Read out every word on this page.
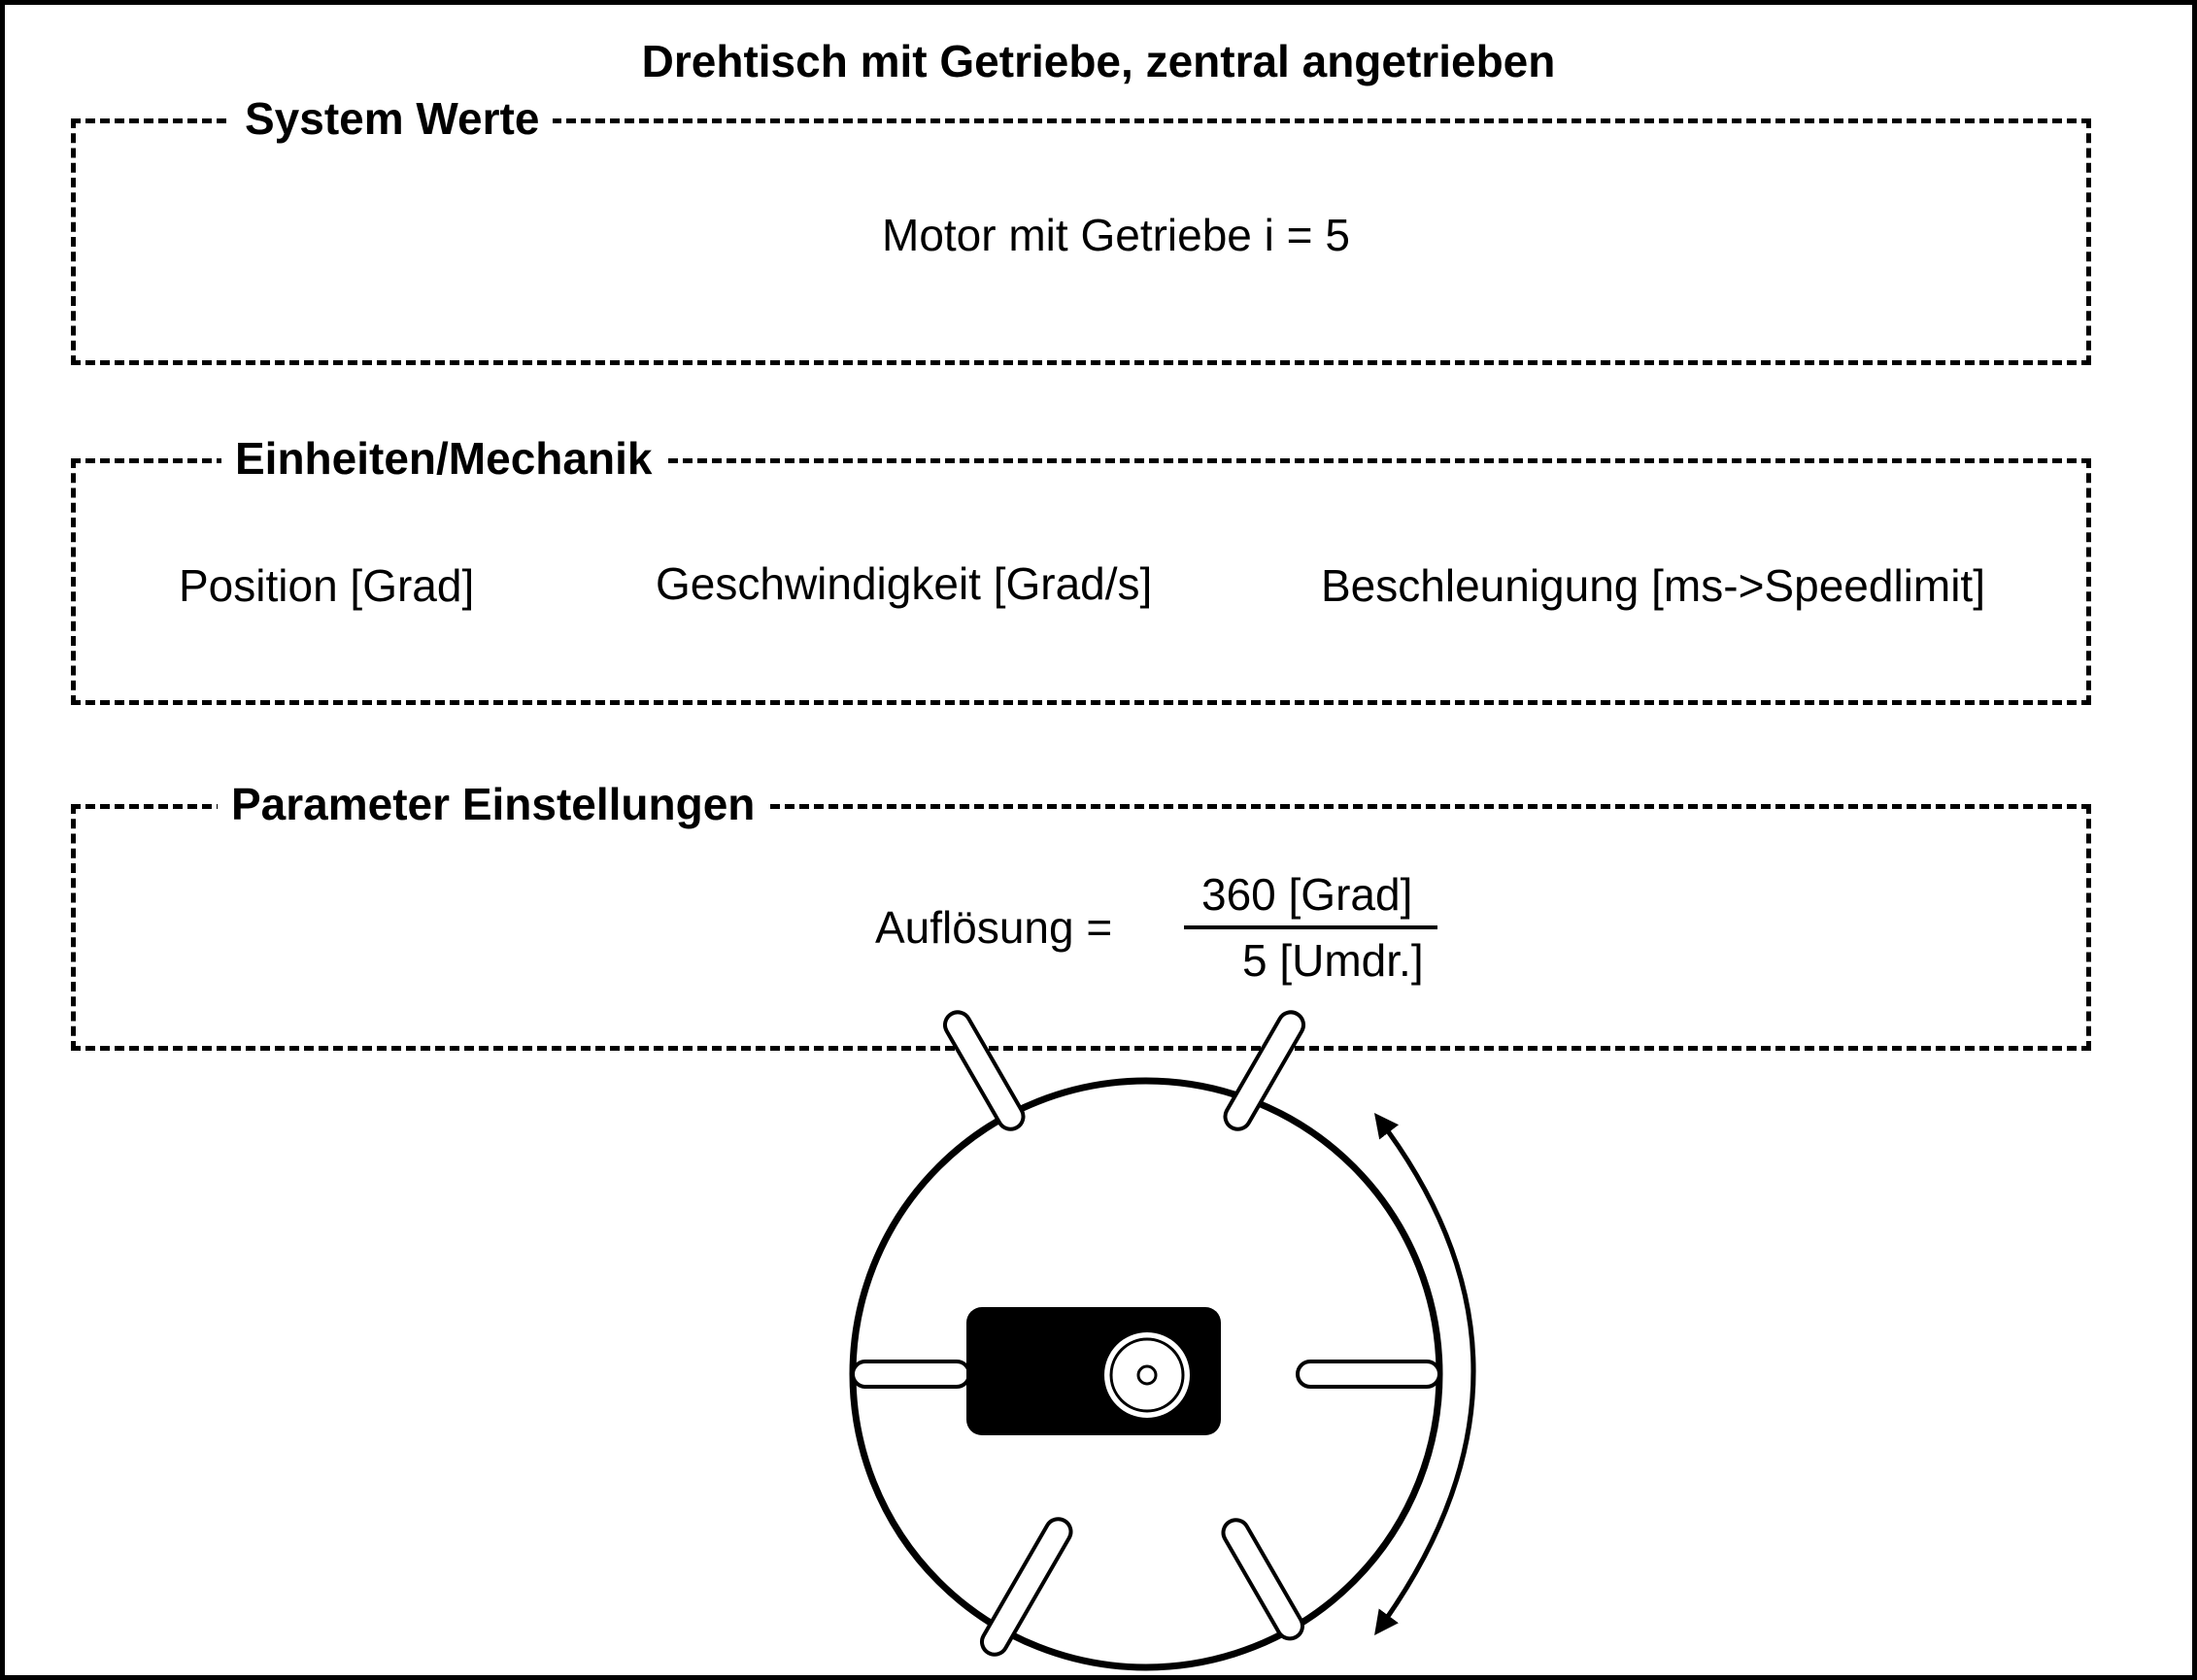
Drehtisch mit Getriebe, zentral angetrieben
System Werte
Motor mit Getriebe i = 5
Einheiten/Mechanik
Position [Grad]	Geschwindigkeit [Grad/s]	Beschleunigung [ms->Speedlimit]
Parameter Einstellungen
Auflösung =
360 [Grad]
5 [Umdr.]
